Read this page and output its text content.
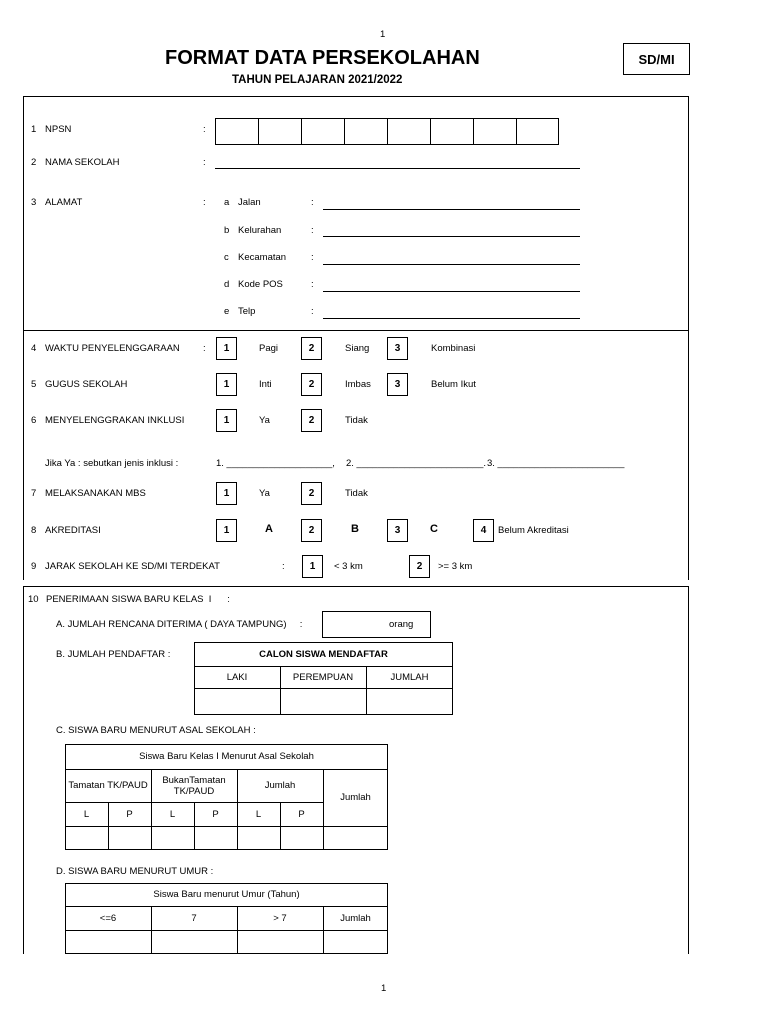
1
FORMAT DATA PERSEKOLAHAN
TAHUN PELAJARAN 2021/2022
SD/MI
1 NPSN	:
2 NAMA SEKOLAH	:
3 ALAMAT	: a Jalan	:
b Kelurahan	:
c Kecamatan	:
d Kode POS	:
e Telp	:
4 WAKTU PENYELENGGARAAN :	1	Pagi	2	Siang	3	Kombinasi
5 GUGUS SEKOLAH	1	Inti	2	Imbas	3	Belum Ikut
6 MENYELENGGRAKAN INKLUSI	1	Ya	2	Tidak
Jika Ya : sebutkan jenis inklusi :	1. ____________________, 2. ________________________. 3. ________________________
7 MELAKSANAKAN MBS	1	Ya	2	Tidak
8 AKREDITASI	1	A	2	B	3	C	4	Belum Akreditasi
9 JARAK SEKOLAH KE SD/MI TERDEKAT	:	1	< 3 km	2	>= 3 km
10 PENERIMAAN SISWA BARU KELAS  I      :
A. JUMLAH RENCANA DITERIMA ( DAYA TAMPUNG)     :	orang
B. JUMLAH PENDAFTAR :	CALON SISWA MENDAFTAR
LAKI	PEREMPUAN	JUMLAH
C. SISWA BARU MENURUT ASAL SEKOLAH :
Siswa Baru Kelas I Menurut Asal Sekolah
Tamatan TK/PAUD	BukanTamatan TK/PAUD	Jumlah
Jumlah
L	P	L	P	L	P
D. SISWA BARU MENURUT UMUR :
Siswa Baru menurut Umur (Tahun)
<=6	7	> 7	Jumlah
1
